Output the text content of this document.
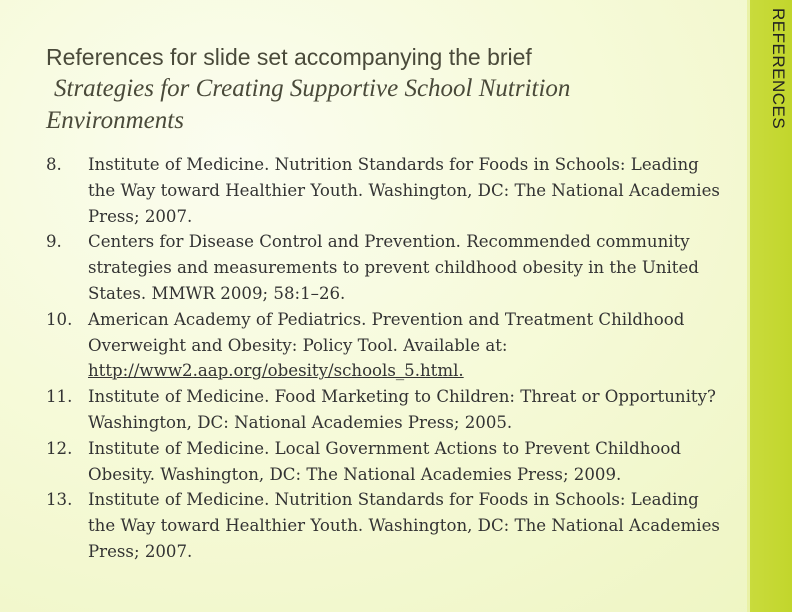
REFERENCES
References for slide set accompanying the brief
Strategies for Creating Supportive School Nutrition
Environments
8. Institute of Medicine. Nutrition Standards for Foods in Schools: Leading the Way toward Healthier Youth. Washington, DC: The National Academies Press; 2007.
9. Centers for Disease Control and Prevention. Recommended community strategies and measurements to prevent childhood obesity in the United States. MMWR 2009; 58:1–26.
10. American Academy of Pediatrics. Prevention and Treatment Childhood Overweight and Obesity: Policy Tool. Available at: http://www2.aap.org/obesity/schools_5.html.
11. Institute of Medicine. Food Marketing to Children: Threat or Opportunity? Washington, DC: National Academies Press; 2005.
12. Institute of Medicine. Local Government Actions to Prevent Childhood Obesity. Washington, DC: The National Academies Press; 2009.
13. Institute of Medicine. Nutrition Standards for Foods in Schools: Leading the Way toward Healthier Youth. Washington, DC: The National Academies Press; 2007.
